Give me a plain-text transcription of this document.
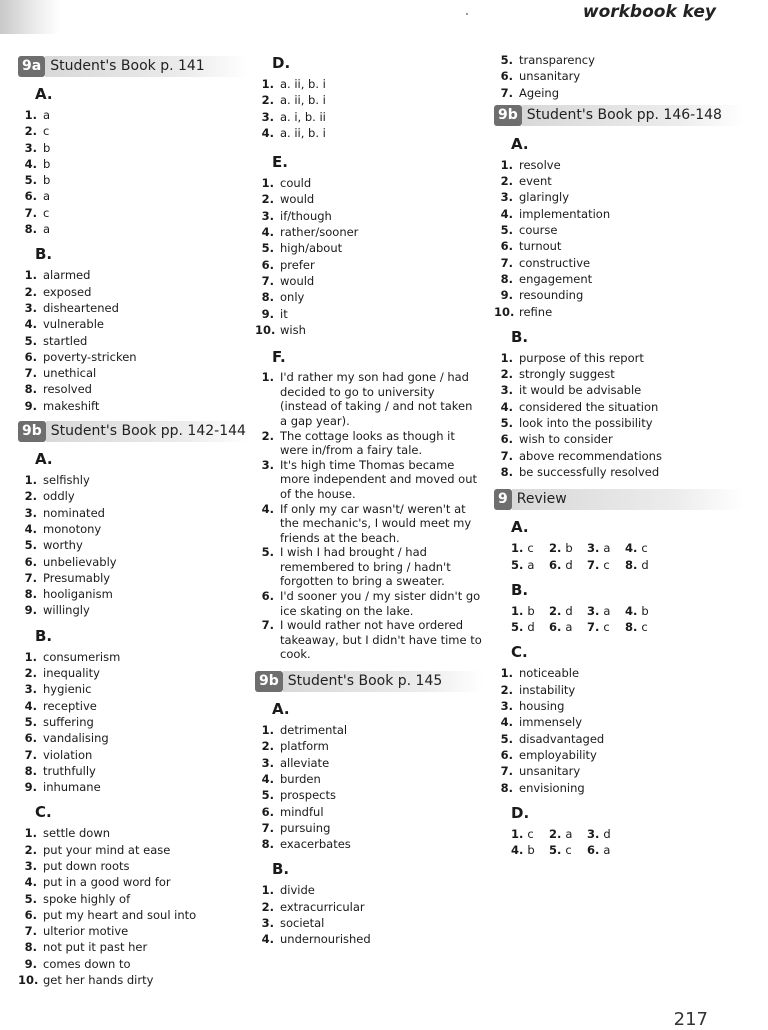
workbook key
9a Student's Book p. 141
A.
1. a
2. c
3. b
4. b
5. b
6. a
7. c
8. a
B.
1. alarmed
2. exposed
3. disheartened
4. vulnerable
5. startled
6. poverty-stricken
7. unethical
8. resolved
9. makeshift
9b Student's Book pp. 142-144
A.
1. selfishly
2. oddly
3. nominated
4. monotony
5. worthy
6. unbelievably
7. Presumably
8. hooliganism
9. willingly
B.
1. consumerism
2. inequality
3. hygienic
4. receptive
5. suffering
6. vandalising
7. violation
8. truthfully
9. inhumane
C.
1. settle down
2. put your mind at ease
3. put down roots
4. put in a good word for
5. spoke highly of
6. put my heart and soul into
7. ulterior motive
8. not put it past her
9. comes down to
10. get her hands dirty
D.
1. a. ii, b. i
2. a. ii, b. i
3. a. i, b. ii
4. a. ii, b. i
E.
1. could
2. would
3. if/though
4. rather/sooner
5. high/about
6. prefer
7. would
8. only
9. it
10. wish
F.
1. I'd rather my son had gone / had decided to go to university (instead of taking / and not taken a gap year).
2. The cottage looks as though it were in/from a fairy tale.
3. It's high time Thomas became more independent and moved out of the house.
4. If only my car wasn't/ weren't at the mechanic's, I would meet my friends at the beach.
5. I wish I had brought / had remembered to bring / hadn't forgotten to bring a sweater.
6. I'd sooner you / my sister didn't go ice skating on the lake.
7. I would rather not have ordered takeaway, but I didn't have time to cook.
9b Student's Book p. 145
A.
1. detrimental
2. platform
3. alleviate
4. burden
5. prospects
6. mindful
7. pursuing
8. exacerbates
B.
1. divide
2. extracurricular
3. societal
4. undernourished
5. transparency
6. unsanitary
7. Ageing
9b Student's Book pp. 146-148
A.
1. resolve
2. event
3. glaringly
4. implementation
5. course
6. turnout
7. constructive
8. engagement
9. resounding
10. refine
B.
1. purpose of this report
2. strongly suggest
3. it would be advisable
4. considered the situation
5. look into the possibility
6. wish to consider
7. above recommendations
8. be successfully resolved
9 Review
A.
1. c 2. b 3. a 4. c
5. a 6. d 7. c 8. d
B.
1. b 2. d 3. a 4. b
5. d 6. a 7. c 8. c
C.
1. noticeable
2. instability
3. housing
4. immensely
5. disadvantaged
6. employability
7. unsanitary
8. envisioning
D.
1. c 2. a 3. d
4. b 5. c 6. a
217
